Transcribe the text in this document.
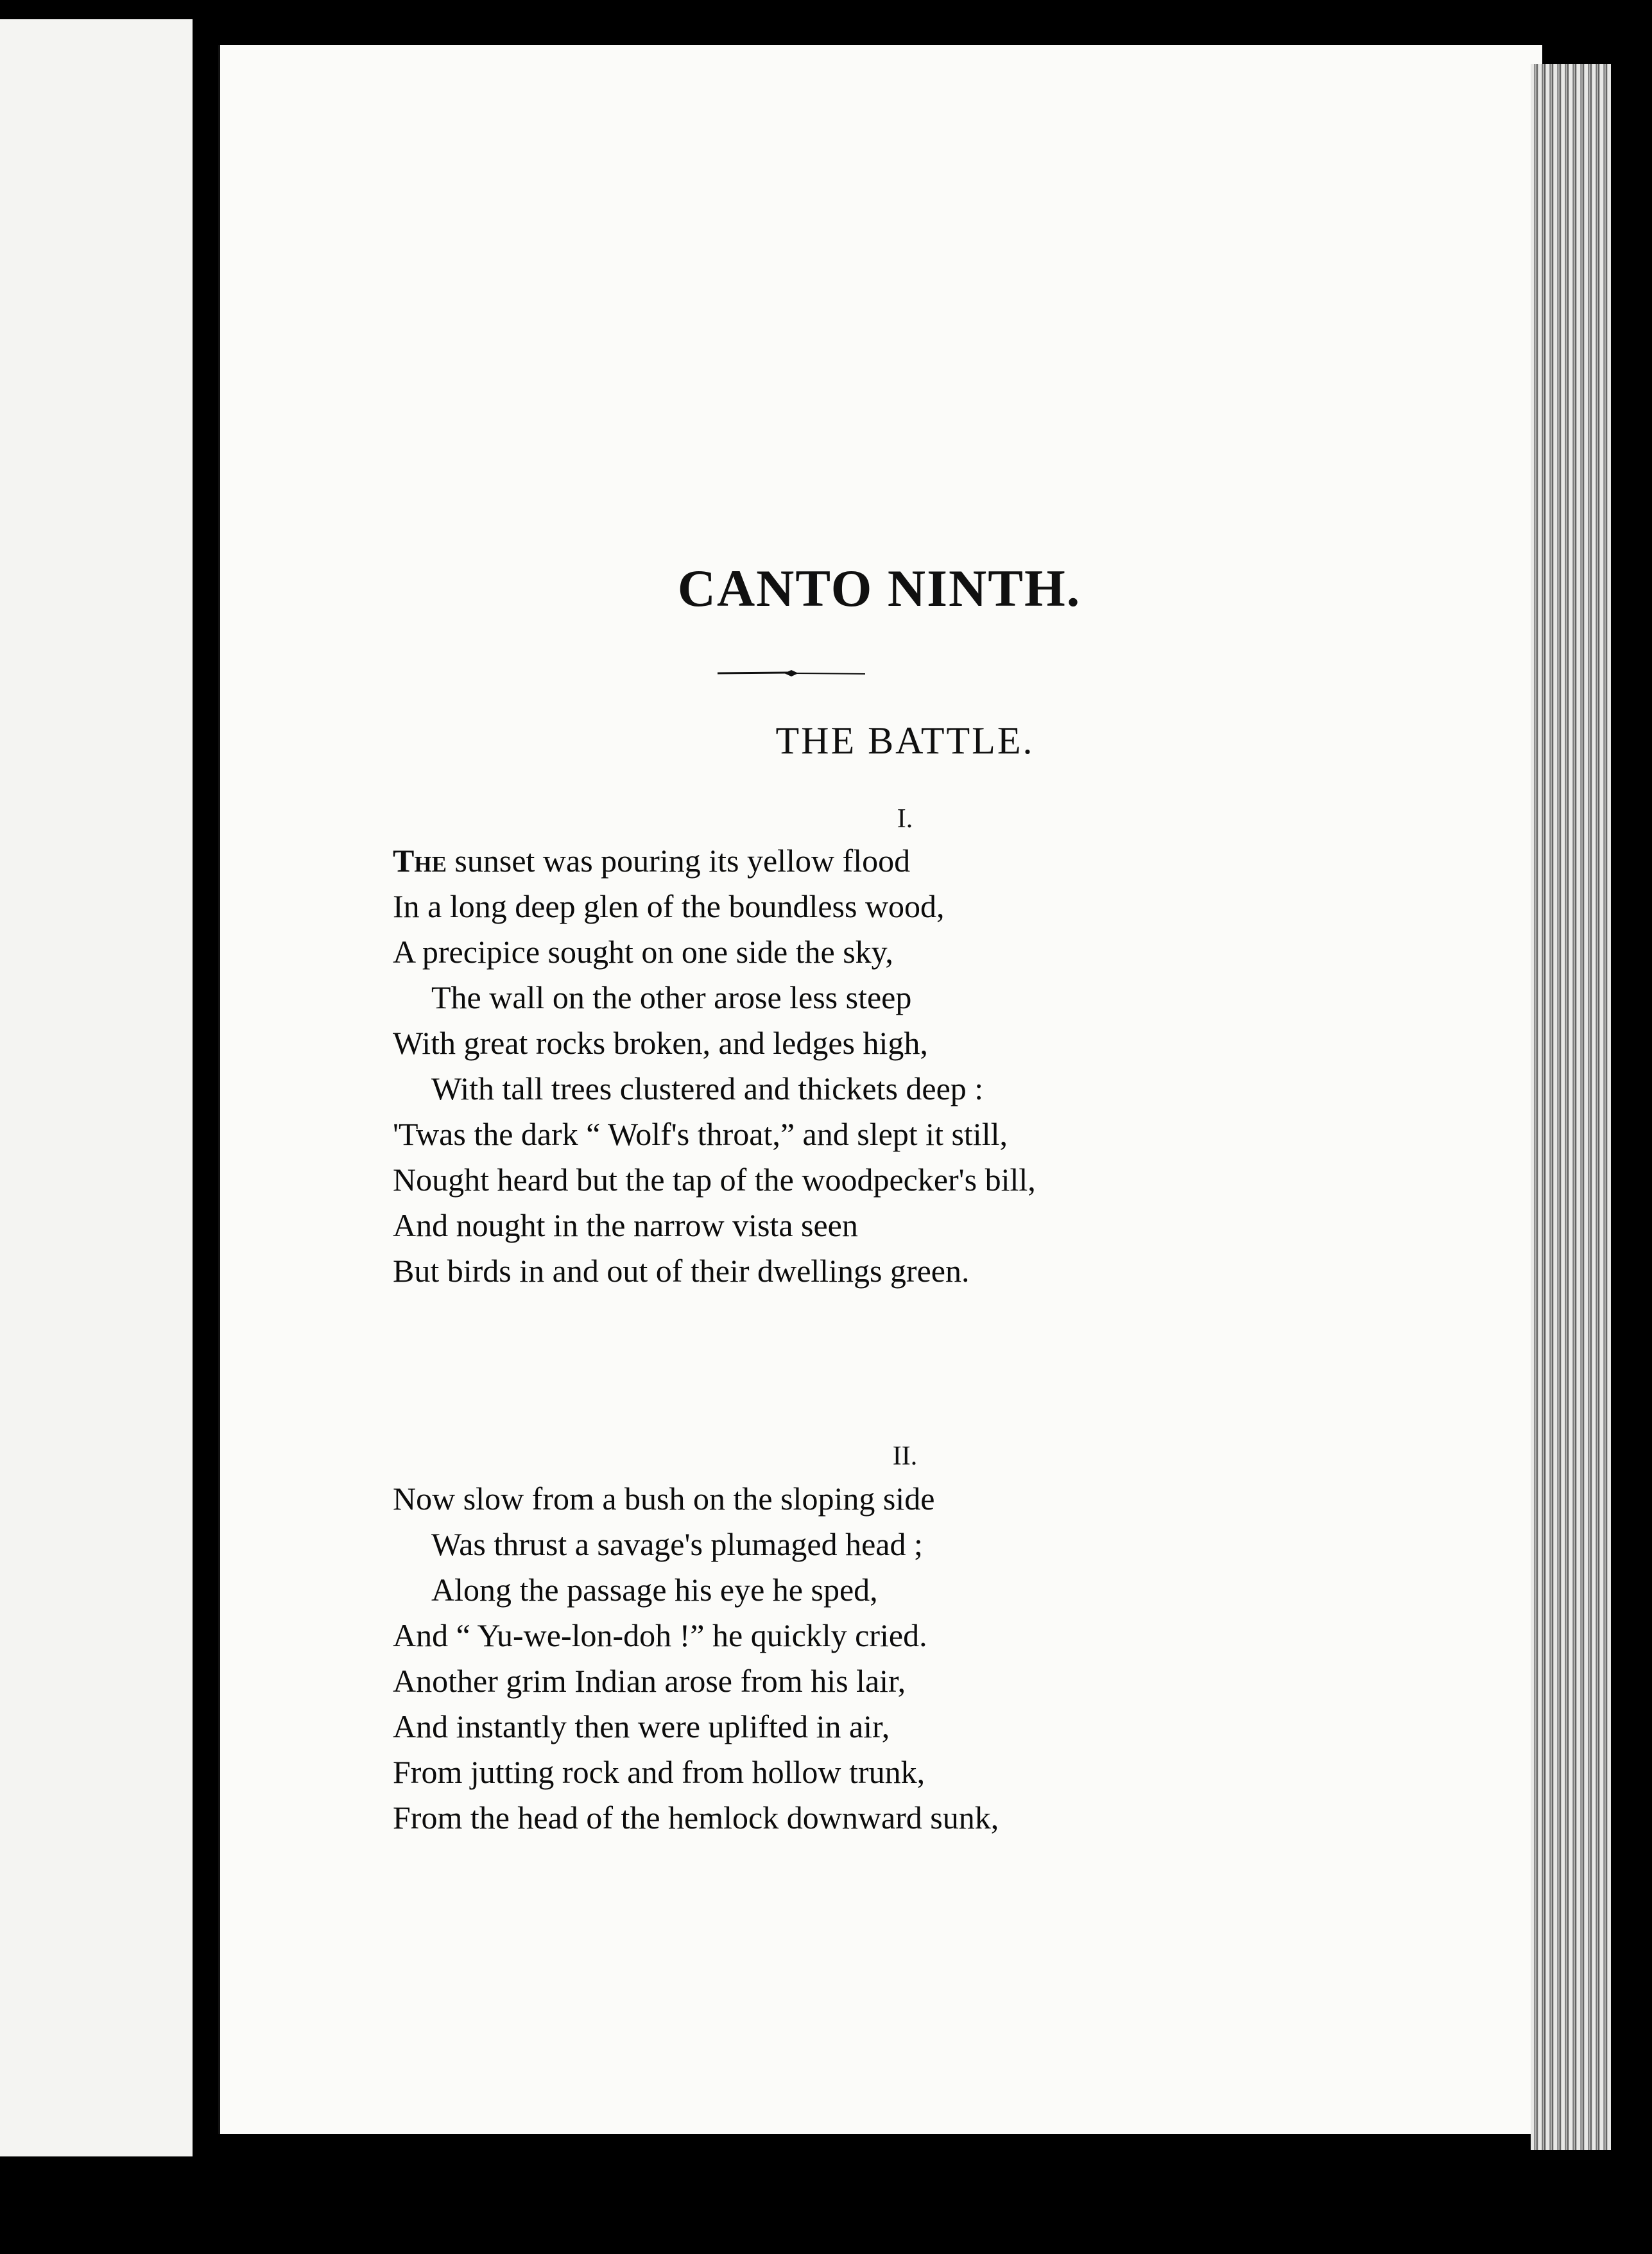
CANTO NINTH.
THE BATTLE.
I.
The sunset was pouring its yellow flood
In a long deep glen of the boundless wood,
A precipice sought on one side the sky,
The wall on the other arose less steep
With great rocks broken, and ledges high,
With tall trees clustered and thickets deep :
'Twas the dark “ Wolf's throat,” and slept it still,
Nought heard but the tap of the woodpecker's bill,
And nought in the narrow vista seen
But birds in and out of their dwellings green.
II.
Now slow from a bush on the sloping side
Was thrust a savage's plumaged head ;
Along the passage his eye he sped,
And “ Yu-we-lon-doh !” he quickly cried.
Another grim Indian arose from his lair,
And instantly then were uplifted in air,
From jutting rock and from hollow trunk,
From the head of the hemlock downward sunk,
